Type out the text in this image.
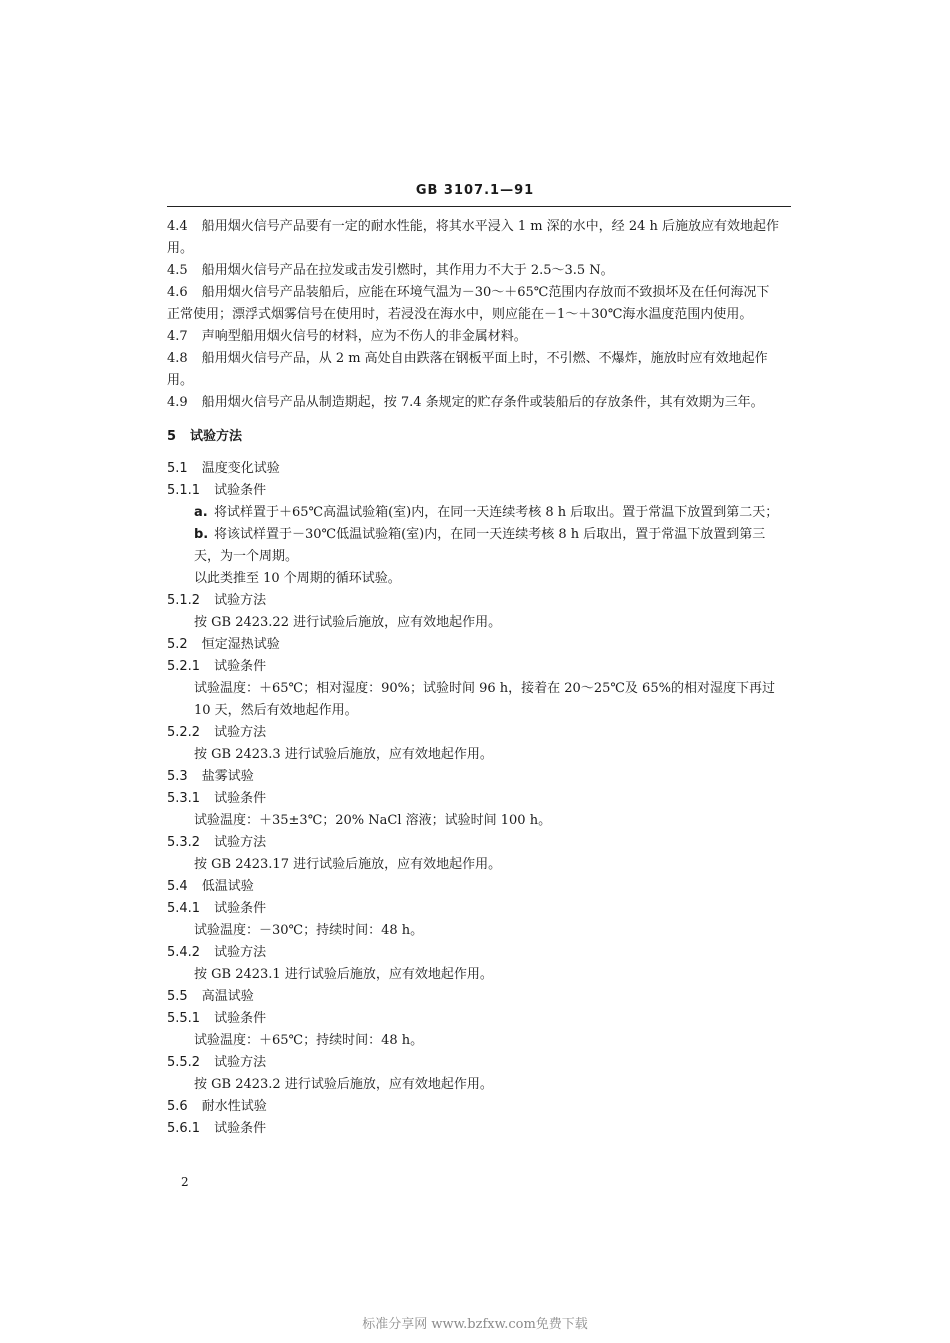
GB 3107.1—91

4.4 船用烟火信号产品要有一定的耐水性能，将其水平浸入 1 m 深的水中，经 24 h 后施放应有效地起作用。

4.5 船用烟火信号产品在拉发或击发引燃时，其作用力不大于 2.5～3.5 N。

4.6 船用烟火信号产品装船后，应能在环境气温为－30～＋65℃范围内存放而不致损坏及在任何海况下正常使用；漂浮式烟雾信号在使用时，若浸没在海水中，则应能在－1～＋30℃海水温度范围内使用。

4.7 声响型船用烟火信号的材料，应为不伤人的非金属材料。

4.8 船用烟火信号产品，从 2 m 高处自由跌落在钢板平面上时，不引燃、不爆炸，施放时应有效地起作用。

4.9 船用烟火信号产品从制造期起，按 7.4 条规定的贮存条件或装船后的存放条件，其有效期为三年。

5 试验方法

5.1 温度变化试验

5.1.1 试验条件

a. 将试样置于＋65℃高温试验箱(室)内，在同一天连续考核 8 h 后取出。置于常温下放置到第二天；

b. 将该试样置于－30℃低温试验箱(室)内，在同一天连续考核 8 h 后取出，置于常温下放置到第三天，为一个周期。

以此类推至 10 个周期的循环试验。

5.1.2 试验方法

按 GB 2423.22 进行试验后施放，应有效地起作用。

5.2 恒定湿热试验

5.2.1 试验条件

试验温度：＋65℃；相对湿度：90%；试验时间 96 h，接着在 20～25℃及 65%的相对湿度下再过 10 天，然后有效地起作用。

5.2.2 试验方法

按 GB 2423.3 进行试验后施放，应有效地起作用。

5.3 盐雾试验

5.3.1 试验条件

试验温度：＋35±3℃；20% NaCl 溶液；试验时间 100 h。

5.3.2 试验方法

按 GB 2423.17 进行试验后施放，应有效地起作用。

5.4 低温试验

5.4.1 试验条件

试验温度：－30℃；持续时间：48 h。

5.4.2 试验方法

按 GB 2423.1 进行试验后施放，应有效地起作用。

5.5 高温试验

5.5.1 试验条件

试验温度：＋65℃；持续时间：48 h。

5.5.2 试验方法

按 GB 2423.2 进行试验后施放，应有效地起作用。

5.6 耐水性试验

5.6.1 试验条件

2
标准分享网 www.bzfxw.com免费下载
